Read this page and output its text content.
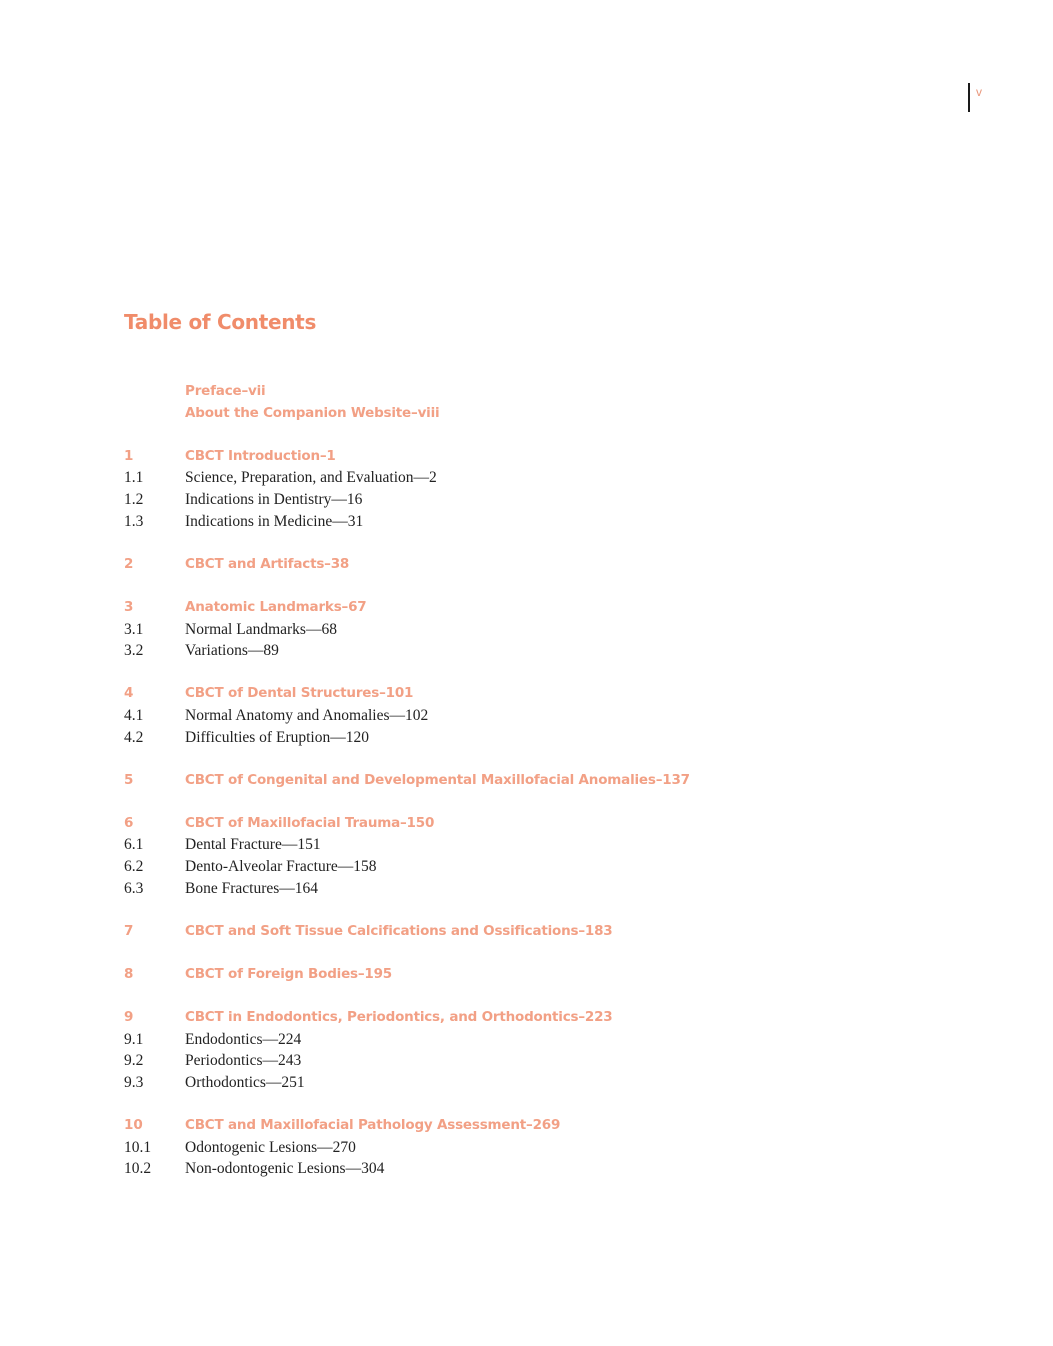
v
Table of Contents
Preface–vii
About the Companion Website–viii
1	CBCT Introduction–1
1.1	Science, Preparation, and Evaluation—2
1.2	Indications in Dentistry—16
1.3	Indications in Medicine—31
2	CBCT and Artifacts–38
3	Anatomic Landmarks–67
3.1	Normal Landmarks—68
3.2	Variations—89
4	CBCT of Dental Structures–101
4.1	Normal Anatomy and Anomalies—102
4.2	Difficulties of Eruption—120
5	CBCT of Congenital and Developmental Maxillofacial Anomalies–137
6	CBCT of Maxillofacial Trauma–150
6.1	Dental Fracture—151
6.2	Dento-Alveolar Fracture—158
6.3	Bone Fractures—164
7	CBCT and Soft Tissue Calcifications and Ossifications–183
8	CBCT of Foreign Bodies–195
9	CBCT in Endodontics, Periodontics, and Orthodontics–223
9.1	Endodontics—224
9.2	Periodontics—243
9.3	Orthodontics—251
10	CBCT and Maxillofacial Pathology Assessment–269
10.1 Odontogenic Lesions—270
10.2 Non-odontogenic Lesions—304
